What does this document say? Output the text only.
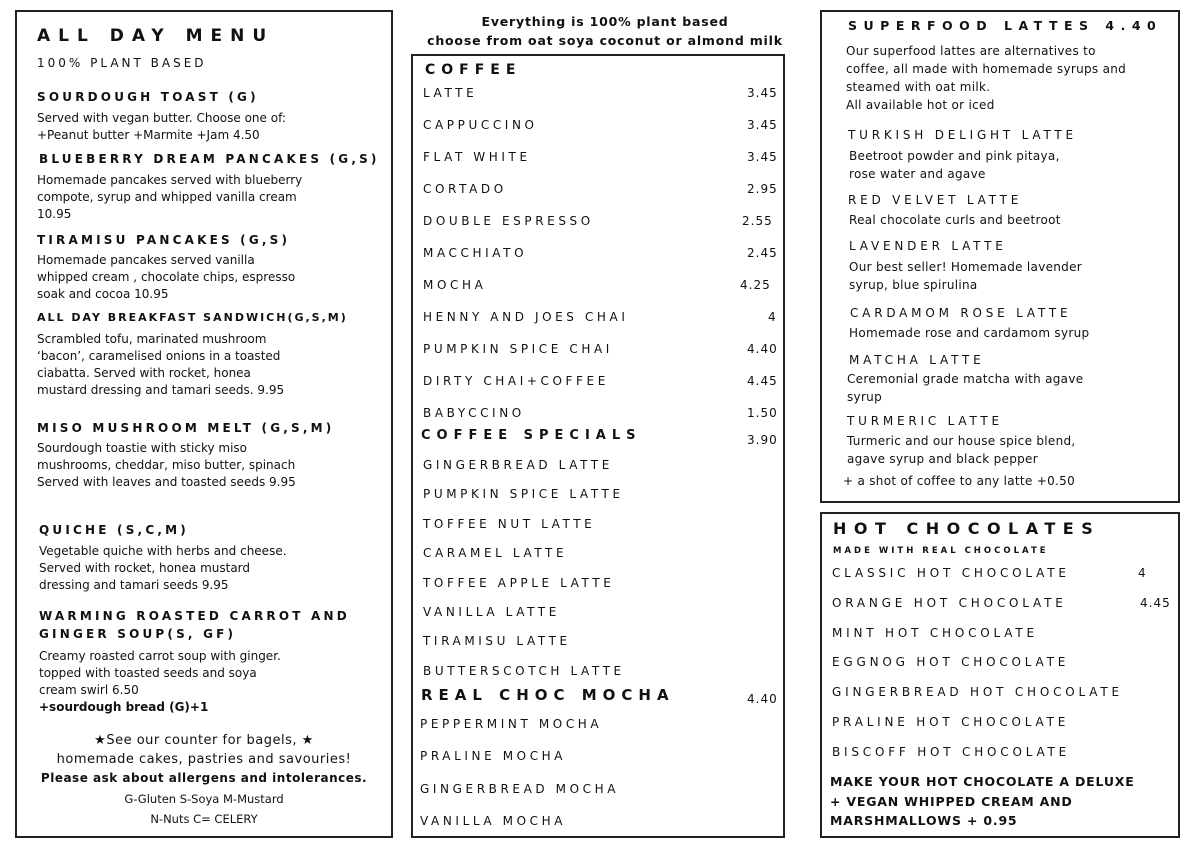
ALL DAY MENU
100% PLANT BASED
SOURDOUGH TOAST (G)
Served with vegan butter. Choose one of:
+Peanut butter +Marmite +Jam 4.50
BLUEBERRY DREAM PANCAKES (G,S)
Homemade pancakes served with blueberry
compote, syrup and whipped vanilla cream
10.95
TIRAMISU PANCAKES (G,S)
Homemade pancakes served vanilla
whipped cream , chocolate chips, espresso
soak and cocoa 10.95
ALL DAY BREAKFAST SANDWICH(G,S,M)
Scrambled tofu, marinated mushroom
‘bacon’, caramelised onions in a toasted
ciabatta. Served with rocket, honea
mustard dressing and tamari seeds. 9.95
MISO MUSHROOM MELT (G,S,M)
Sourdough toastie with sticky miso
mushrooms, cheddar, miso butter, spinach
Served with leaves and toasted seeds 9.95
QUICHE (S,C,M)
Vegetable quiche with herbs and cheese.
Served with rocket, honea mustard
dressing and tamari seeds 9.95
WARMING ROASTED CARROT AND
GINGER SOUP(S, GF)
Creamy roasted carrot soup with ginger.
topped with toasted seeds and soya
cream swirl 6.50
+sourdough bread (G)+1
★See our counter for bagels, ★
homemade cakes, pastries and savouries!
Please ask about allergens and intolerances.
G-Gluten S-Soya M-Mustard
N-Nuts C= CELERY
Everything is 100% plant based
choose from oat soya coconut or almond milk
COFFEE
LATTE	3.45
CAPPUCCINO	3.45
FLAT WHITE	3.45
CORTADO	2.95
DOUBLE ESPRESSO	2.55
MACCHIATO	2.45
MOCHA	4.25
HENNY AND JOES CHAI	4
PUMPKIN SPICE CHAI	4.40
DIRTY CHAI+COFFEE	4.45
BABYCCINO	1.50
COFFEE SPECIALS	3.90
GINGERBREAD LATTE
PUMPKIN SPICE LATTE
TOFFEE NUT LATTE
CARAMEL LATTE
TOFFEE APPLE LATTE
VANILLA LATTE
TIRAMISU LATTE
BUTTERSCOTCH LATTE
REAL CHOC MOCHA	4.40
PEPPERMINT MOCHA
PRALINE MOCHA
GINGERBREAD MOCHA
VANILLA MOCHA
SUPERFOOD LATTES 4.40
Our superfood lattes are alternatives to
coffee, all made with homemade syrups and
steamed with oat milk.
All available hot or iced
TURKISH DELIGHT LATTE
Beetroot powder and pink pitaya,
rose water and agave
RED VELVET LATTE
Real chocolate curls and beetroot
LAVENDER LATTE
Our best seller! Homemade lavender
syrup, blue spirulina
CARDAMOM ROSE LATTE
Homemade rose and cardamom syrup
MATCHA LATTE
Ceremonial grade matcha with agave
syrup
TURMERIC LATTE
Turmeric and our house spice blend,
agave syrup and black pepper
+ a shot of coffee to any latte +0.50
HOT CHOCOLATES
MADE WITH REAL CHOCOLATE
CLASSIC HOT CHOCOLATE	4
ORANGE HOT CHOCOLATE	4.45
MINT HOT CHOCOLATE
EGGNOG HOT CHOCOLATE
GINGERBREAD HOT CHOCOLATE
PRALINE HOT CHOCOLATE
BISCOFF HOT CHOCOLATE
MAKE YOUR HOT CHOCOLATE A DELUXE
+ VEGAN WHIPPED CREAM AND
MARSHMALLOWS + 0.95
